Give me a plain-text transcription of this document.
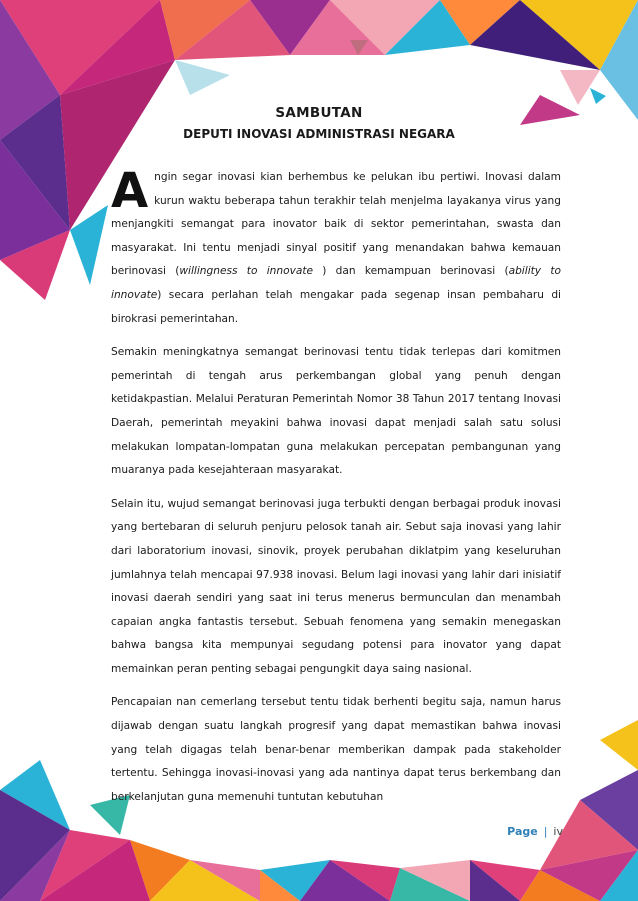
SAMBUTAN
DEPUTI INOVASI ADMINISTRASI NEGARA

Angin segar inovasi kian berhembus ke pelukan ibu pertiwi. Inovasi dalam kurun waktu beberapa tahun terakhir telah menjelma layakanya virus yang menjangkiti semangat para inovator baik di sektor pemerintahan, swasta dan masyarakat. Ini tentu menjadi sinyal positif yang menandakan bahwa kemauan berinovasi (willingness to innovate ) dan kemampuan berinovasi (ability to innovate) secara perlahan telah mengakar pada segenap insan pembaharu di birokrasi pemerintahan.

Semakin meningkatnya semangat berinovasi tentu tidak terlepas dari komitmen pemerintah di tengah arus perkembangan global yang penuh dengan ketidakpastian. Melalui Peraturan Pemerintah Nomor 38 Tahun 2017 tentang Inovasi Daerah, pemerintah meyakini bahwa inovasi dapat menjadi salah satu solusi melakukan lompatan-lompatan guna melakukan percepatan pembangunan yang muaranya pada kesejahteraan masyarakat.

Selain itu, wujud semangat berinovasi juga terbukti dengan berbagai produk inovasi yang bertebaran di seluruh penjuru pelosok tanah air. Sebut saja inovasi yang lahir dari laboratorium inovasi, sinovik, proyek perubahan diklatpim yang keseluruhan jumlahnya telah mencapai 97.938 inovasi. Belum lagi inovasi yang lahir dari inisiatif inovasi daerah sendiri yang saat ini terus menerus bermunculan dan menambah capaian angka fantastis tersebut. Sebuah fenomena yang semakin menegaskan bahwa bangsa kita mempunyai segudang potensi para inovator yang dapat memainkan peran penting sebagai pengungkit daya saing nasional.

Pencapaian nan cemerlang tersebut tentu tidak berhenti begitu saja, namun harus dijawab dengan suatu langkah progresif yang dapat memastikan bahwa inovasi yang telah digagas telah benar-benar memberikan dampak pada stakeholder tertentu. Sehingga inovasi-inovasi yang ada nantinya dapat terus berkembang dan berkelanjutan guna memenuhi tuntutan kebutuhan

Page | iv
